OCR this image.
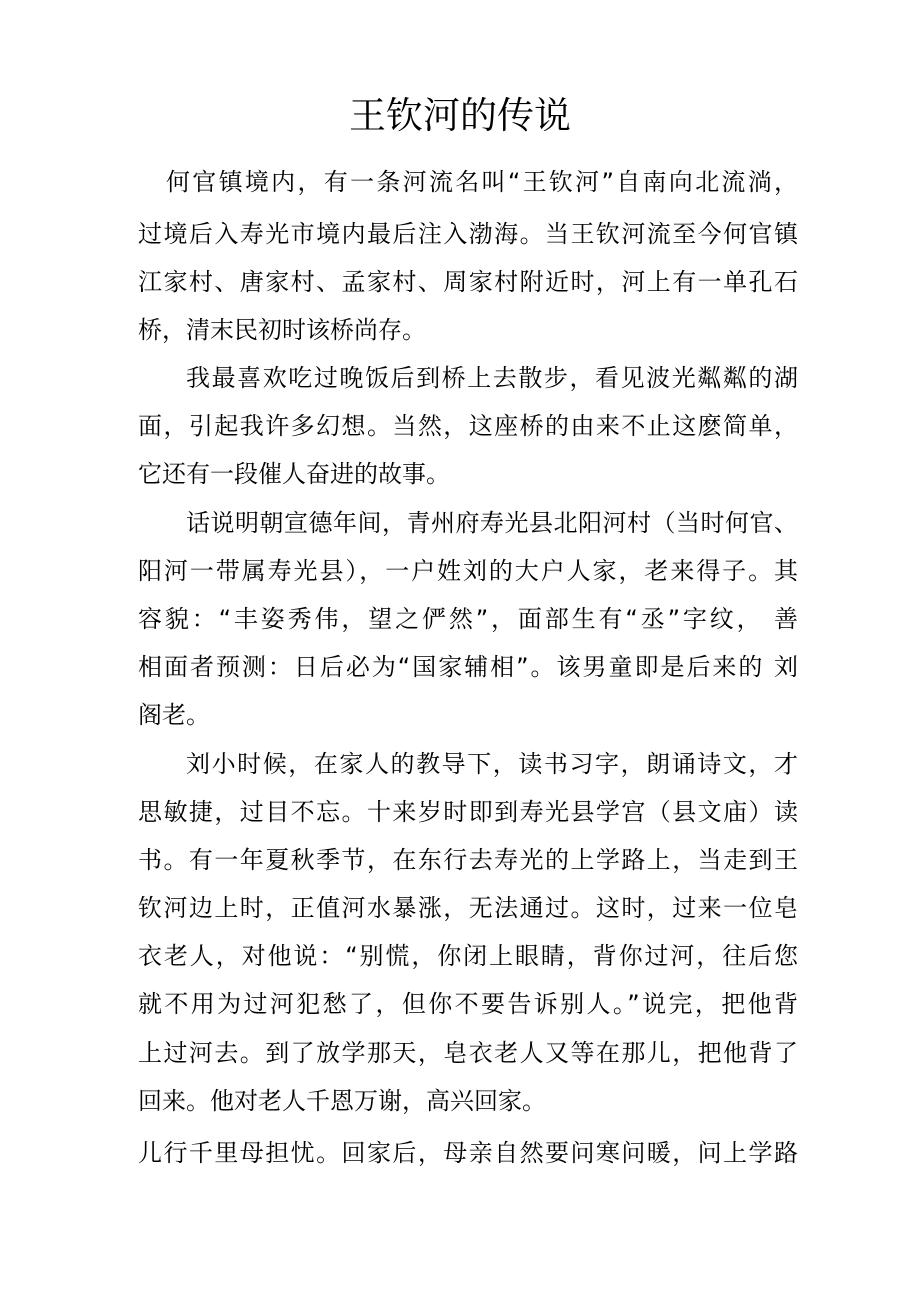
王钦河的传说

何官镇境内，有一条河流名叫“王钦河”自南向北流淌，

过境后入寿光市境内最后注入渤海。当王钦河流至今何官镇

江家村、唐家村、孟家村、周家村附近时，河上有一单孔石

桥，清末民初时该桥尚存。

我最喜欢吃过晚饭后到桥上去散步，看见波光粼粼的湖

面，引起我许多幻想。当然，这座桥的由来不止这麽简单，

它还有一段催人奋进的故事。

话说明朝宣德年间，青州府寿光县北阳河村（当时何官、

阳河一带属寿光县），一户姓刘的大户人家，老来得子。其

容貌：“丰姿秀伟，望之俨然”，面部生有“丞”字纹， 善

相面者预测：日后必为“国家辅相”。该男童即是后来的 刘

阁老。

刘小时候，在家人的教导下，读书习字，朗诵诗文，才

思敏捷，过目不忘。十来岁时即到寿光县学宫（县文庙）读

书。有一年夏秋季节，在东行去寿光的上学路上，当走到王

钦河边上时，正值河水暴涨，无法通过。这时，过来一位皂

衣老人，对他说：“别慌，你闭上眼睛，背你过河，往后您

就不用为过河犯愁了，但你不要告诉别人。”说完，把他背

上过河去。到了放学那天，皂衣老人又等在那儿，把他背了

回来。他对老人千恩万谢，高兴回家。

儿行千里母担忧。回家后，母亲自然要问寒问暖，问上学路
